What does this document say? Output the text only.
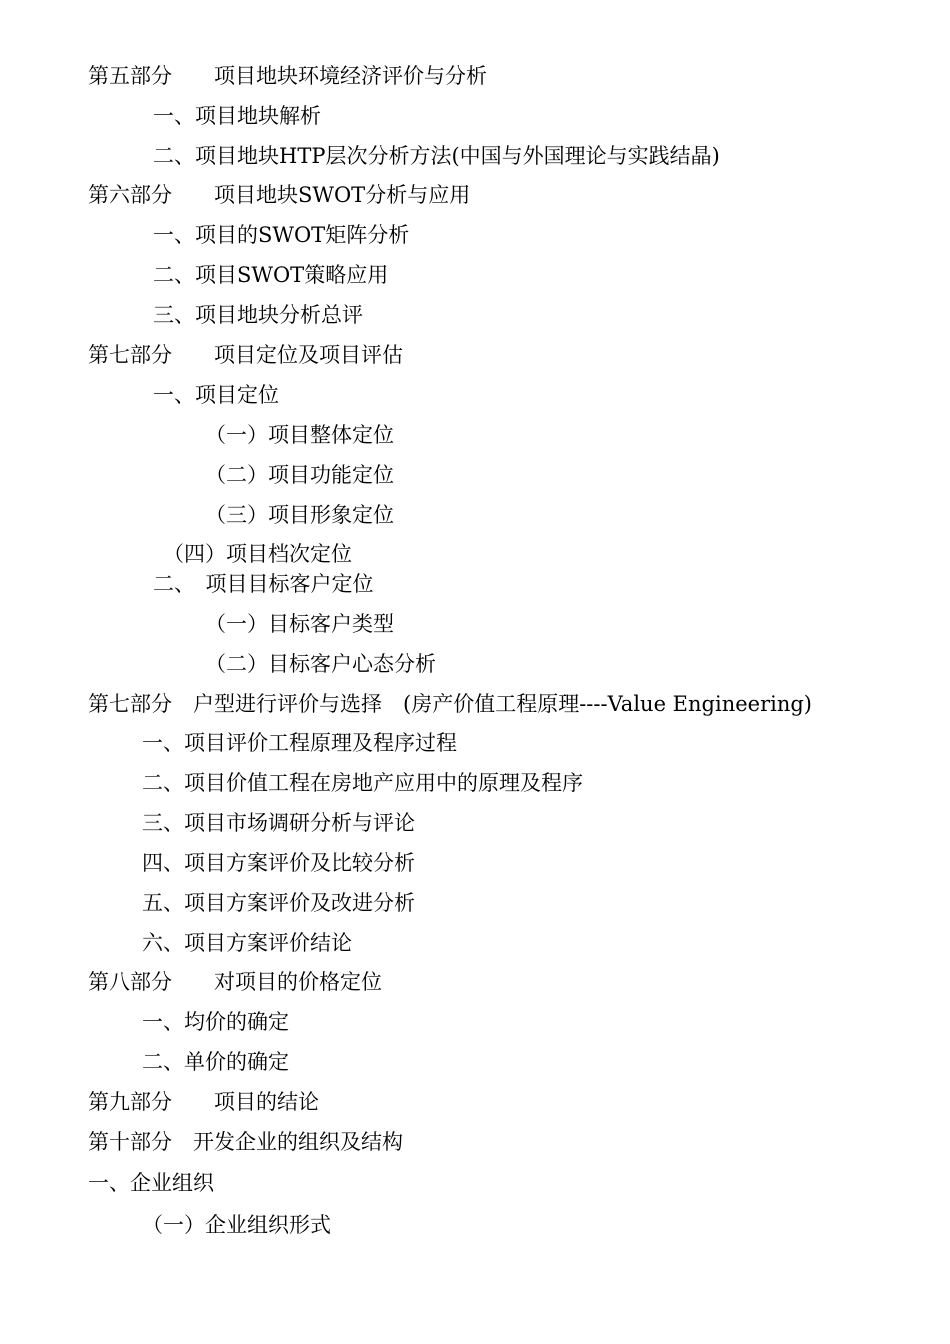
第五部分　　项目地块环境经济评价与分析
一、项目地块解析
二、项目地块HTP层次分析方法(中国与外国理论与实践结晶)
第六部分　　项目地块SWOT分析与应用
一、项目的SWOT矩阵分析
二、项目SWOT策略应用
三、项目地块分析总评
第七部分　　项目定位及项目评估
一、项目定位
（一）项目整体定位
（二）项目功能定位
（三）项目形象定位
（四）项目档次定位
二、　项目目标客户定位
（一）目标客户类型
（二）目标客户心态分析
第七部分　户型进行评价与选择　(房产价值工程原理----Value Engineering)
一、项目评价工程原理及程序过程
二、项目价值工程在房地产应用中的原理及程序
三、项目市场调研分析与评论
四、项目方案评价及比较分析
五、项目方案评价及改进分析
六、项目方案评价结论
第八部分　　对项目的价格定位
一、均价的确定
二、单价的确定
第九部分　　项目的结论
第十部分　开发企业的组织及结构
一、企业组织
（一）企业组织形式
